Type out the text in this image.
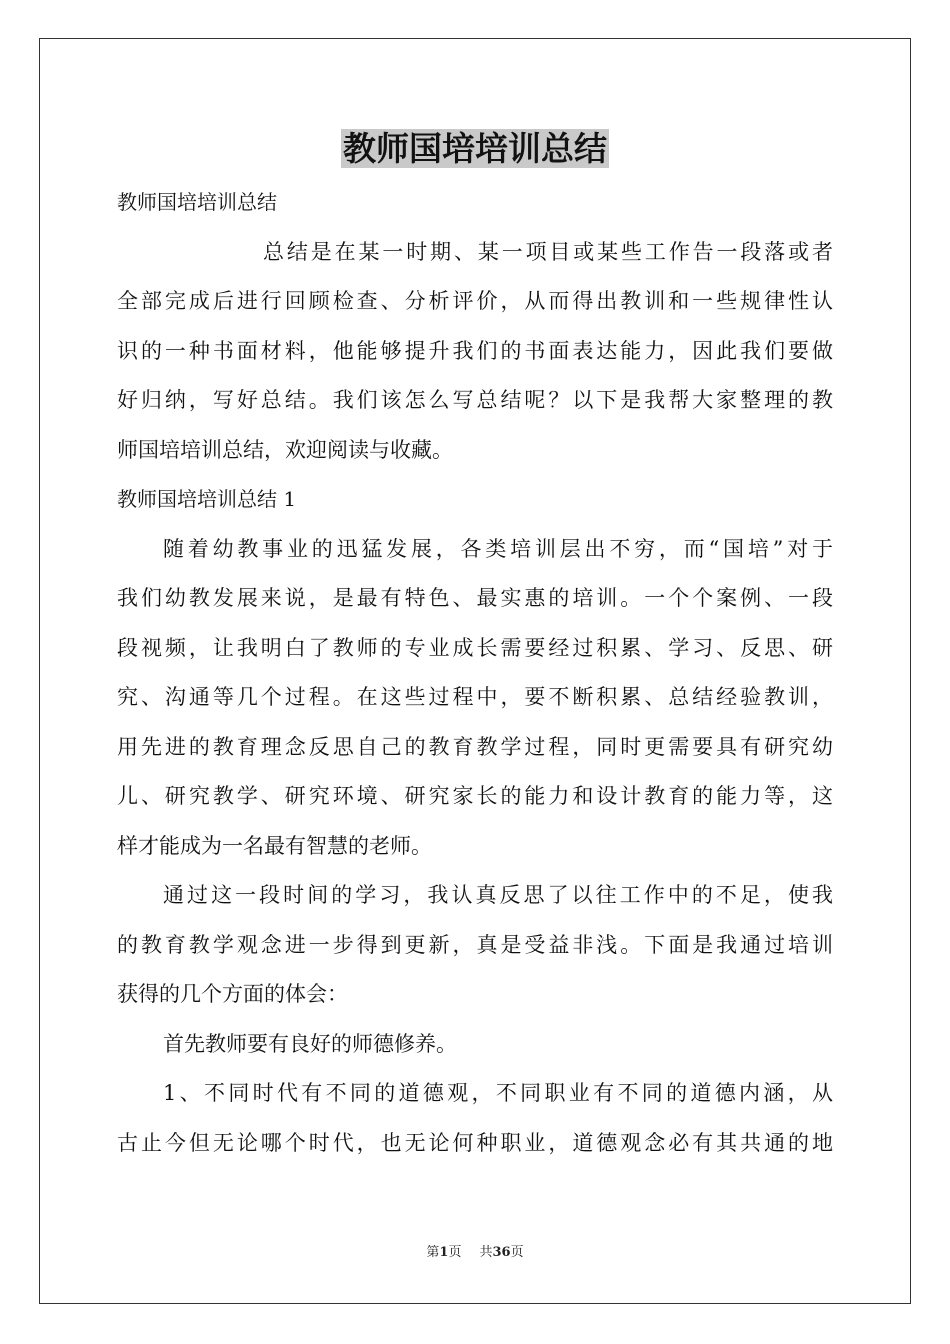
教师国培培训总结
教师国培培训总结
总结是在某一时期、某一项目或某些工作告一段落或者
全部完成后进行回顾检查、分析评价，从而得出教训和一些规律性认
识的一种书面材料，他能够提升我们的书面表达能力，因此我们要做
好归纳，写好总结。我们该怎么写总结呢？以下是我帮大家整理的教
师国培培训总结，欢迎阅读与收藏。
教师国培培训总结 1
随着幼教事业的迅猛发展，各类培训层出不穷，而“国培”对于
我们幼教发展来说，是最有特色、最实惠的培训。一个个案例、一段
段视频，让我明白了教师的专业成长需要经过积累、学习、反思、研
究、沟通等几个过程。在这些过程中，要不断积累、总结经验教训，
用先进的教育理念反思自己的教育教学过程，同时更需要具有研究幼
儿、研究教学、研究环境、研究家长的能力和设计教育的能力等，这
样才能成为一名最有智慧的老师。
通过这一段时间的学习，我认真反思了以往工作中的不足，使我
的教育教学观念进一步得到更新，真是受益非浅。下面是我通过培训
获得的几个方面的体会：
首先教师要有良好的师德修养。
1、不同时代有不同的道德观，不同职业有不同的道德内涵，从
古止今但无论哪个时代，也无论何种职业，道德观念必有其共通的地
第1页 共36页
